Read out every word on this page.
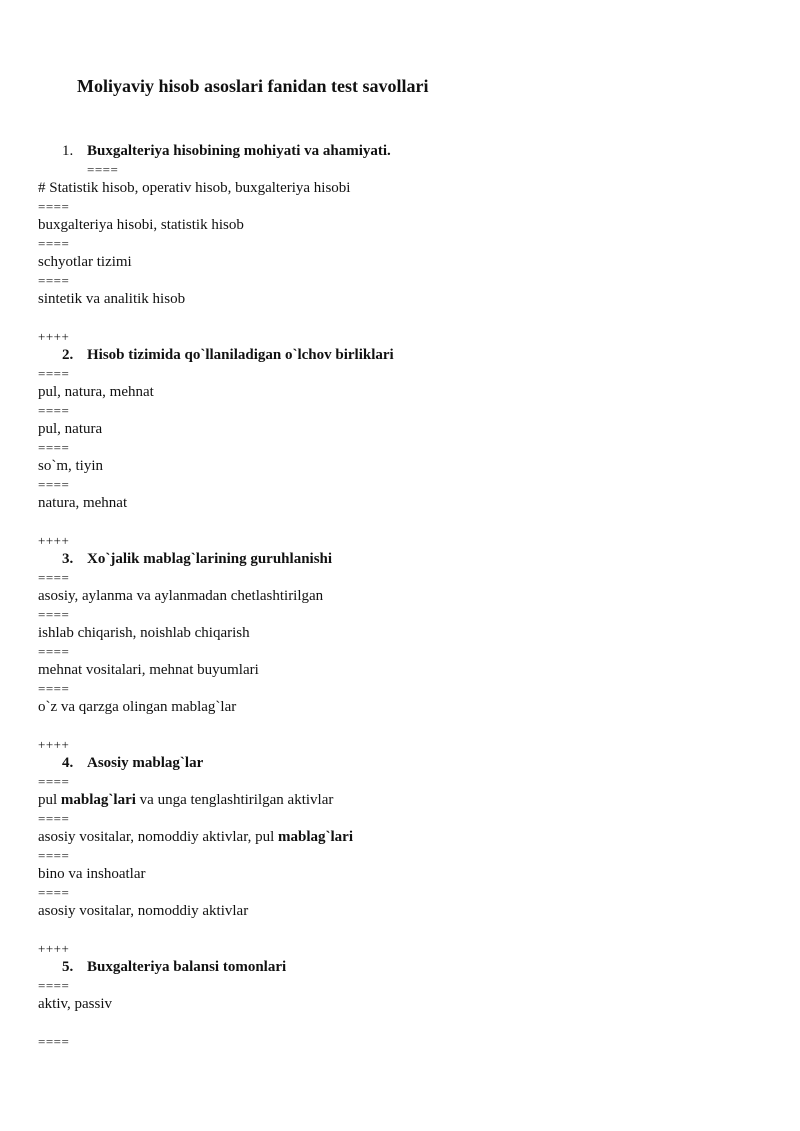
Moliyaviy hisob asoslari fanidan test savollari
1. Buxgalteriya hisobining mohiyati va ahamiyati.
====
# Statistik hisob, operativ hisob, buxgalteriya hisobi
====
buxgalteriya hisobi, statistik hisob
====
schyotlar tizimi
====
sintetik va analitik hisob
++++
2. Hisob tizimida qo`llaniladigan o`lchov birliklari
====
pul, natura, mehnat
====
pul, natura
====
so`m, tiyin
====
natura, mehnat
++++
3. Xo`jalik mablag`larining guruhlanishi
====
asosiy, aylanma va aylanmadan chetlashtirilgan
====
ishlab chiqarish, noishlab chiqarish
====
mehnat vositalari, mehnat buyumlari
====
o`z va qarzga olingan mablag`lar
++++
4. Asosiy mablag`lar
====
pul mablag`lari va unga tenglashtirilgan aktivlar
====
asosiy vositalar, nomoddiy aktivlar, pul mablag`lari
====
bino va inshoatlar
====
asosiy vositalar, nomoddiy aktivlar
++++
5. Buxgalteriya balansi tomonlari
====
aktiv, passiv
====
